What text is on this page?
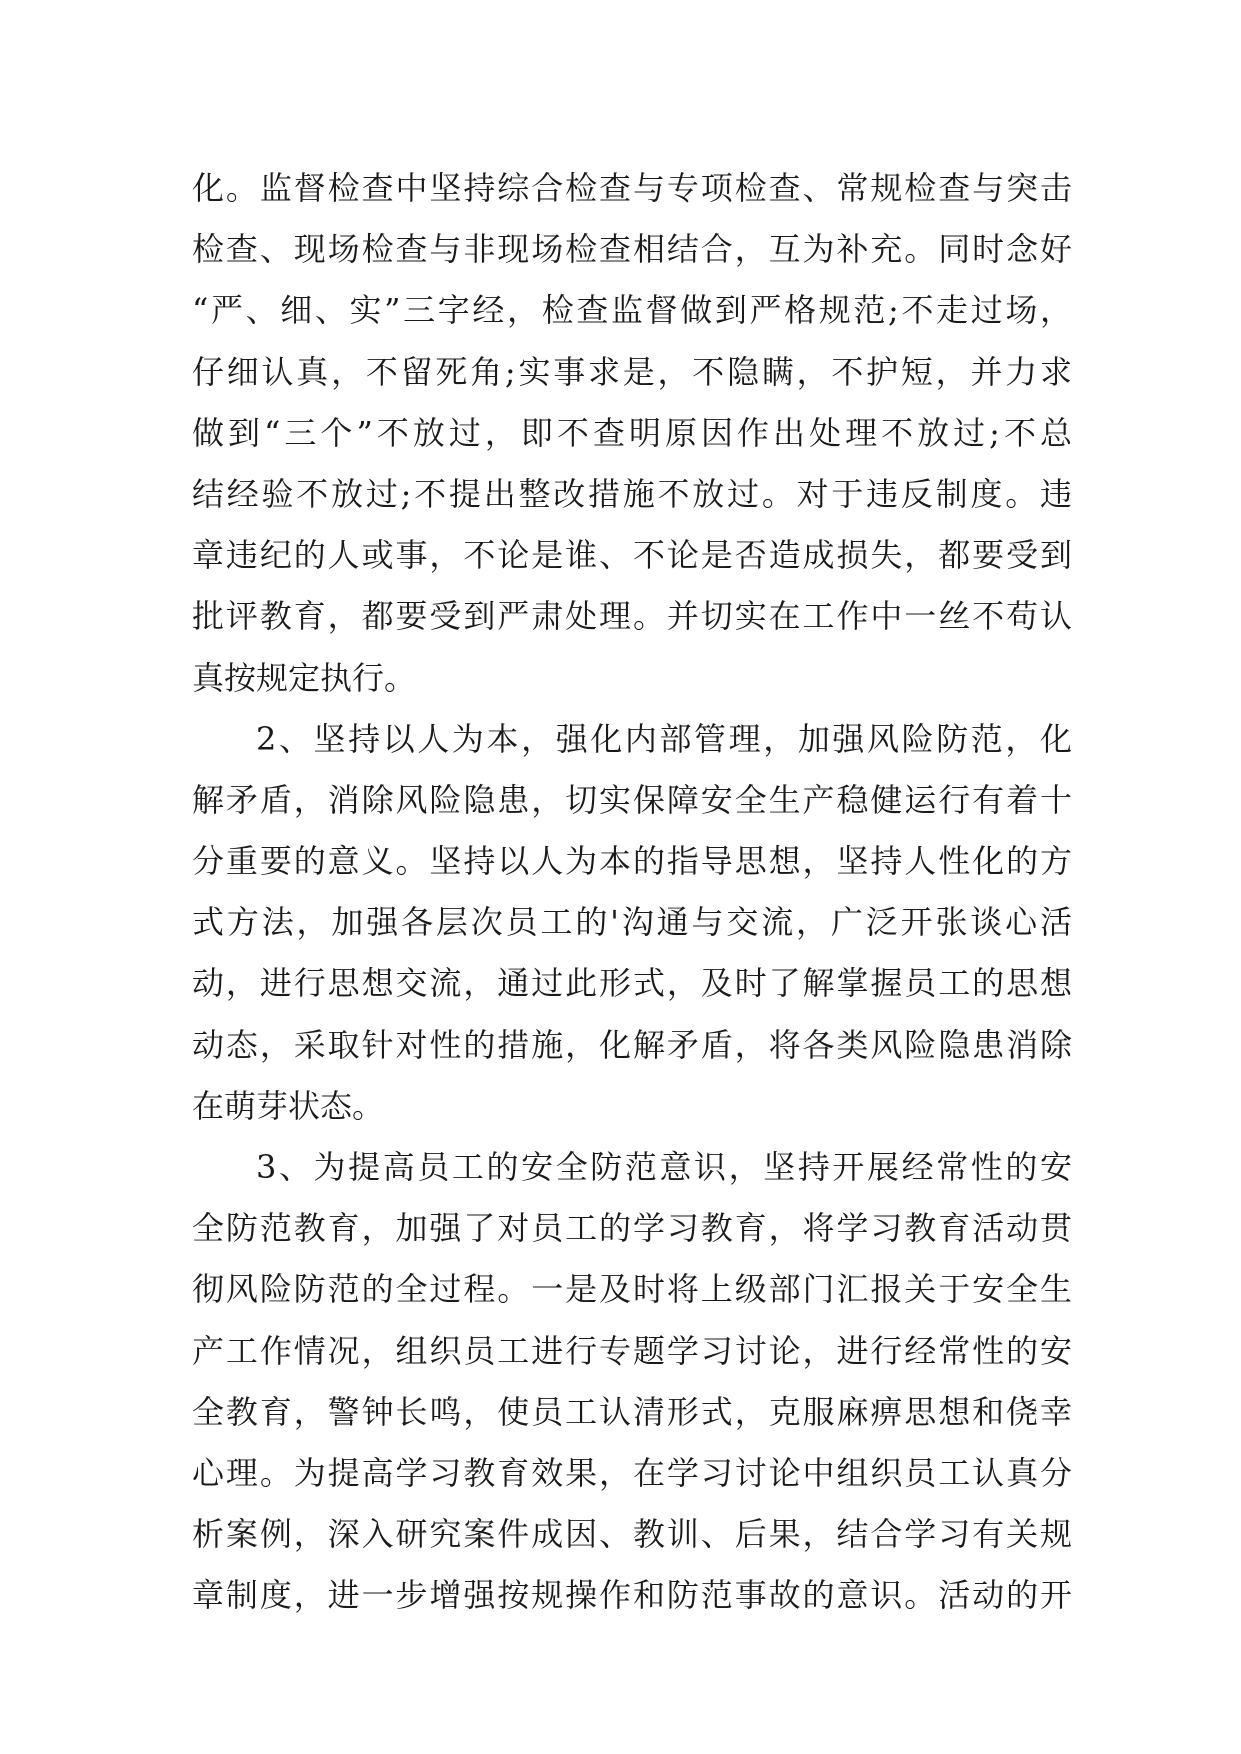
化。监督检查中坚持综合检查与专项检查、常规检查与突击
检查、现场检查与非现场检查相结合，互为补充。同时念好
“严、细、实”三字经，检查监督做到严格规范;不走过场，
仔细认真，不留死角;实事求是，不隐瞒，不护短，并力求
做到“三个”不放过，即不查明原因作出处理不放过;不总
结经验不放过;不提出整改措施不放过。对于违反制度。违
章违纪的人或事，不论是谁、不论是否造成损失，都要受到
批评教育，都要受到严肃处理。并切实在工作中一丝不苟认
真按规定执行。
2、坚持以人为本，强化内部管理，加强风险防范，化
解矛盾，消除风险隐患，切实保障安全生产稳健运行有着十
分重要的意义。坚持以人为本的指导思想，坚持人性化的方
式方法，加强各层次员工的'沟通与交流，广泛开张谈心活
动，进行思想交流，通过此形式，及时了解掌握员工的思想
动态，采取针对性的措施，化解矛盾，将各类风险隐患消除
在萌芽状态。
3、为提高员工的安全防范意识，坚持开展经常性的安
全防范教育，加强了对员工的学习教育，将学习教育活动贯
彻风险防范的全过程。一是及时将上级部门汇报关于安全生
产工作情况，组织员工进行专题学习讨论，进行经常性的安
全教育，警钟长鸣，使员工认清形式，克服麻痹思想和侥幸
心理。为提高学习教育效果，在学习讨论中组织员工认真分
析案例，深入研究案件成因、教训、后果，结合学习有关规
章制度，进一步增强按规操作和防范事故的意识。活动的开
